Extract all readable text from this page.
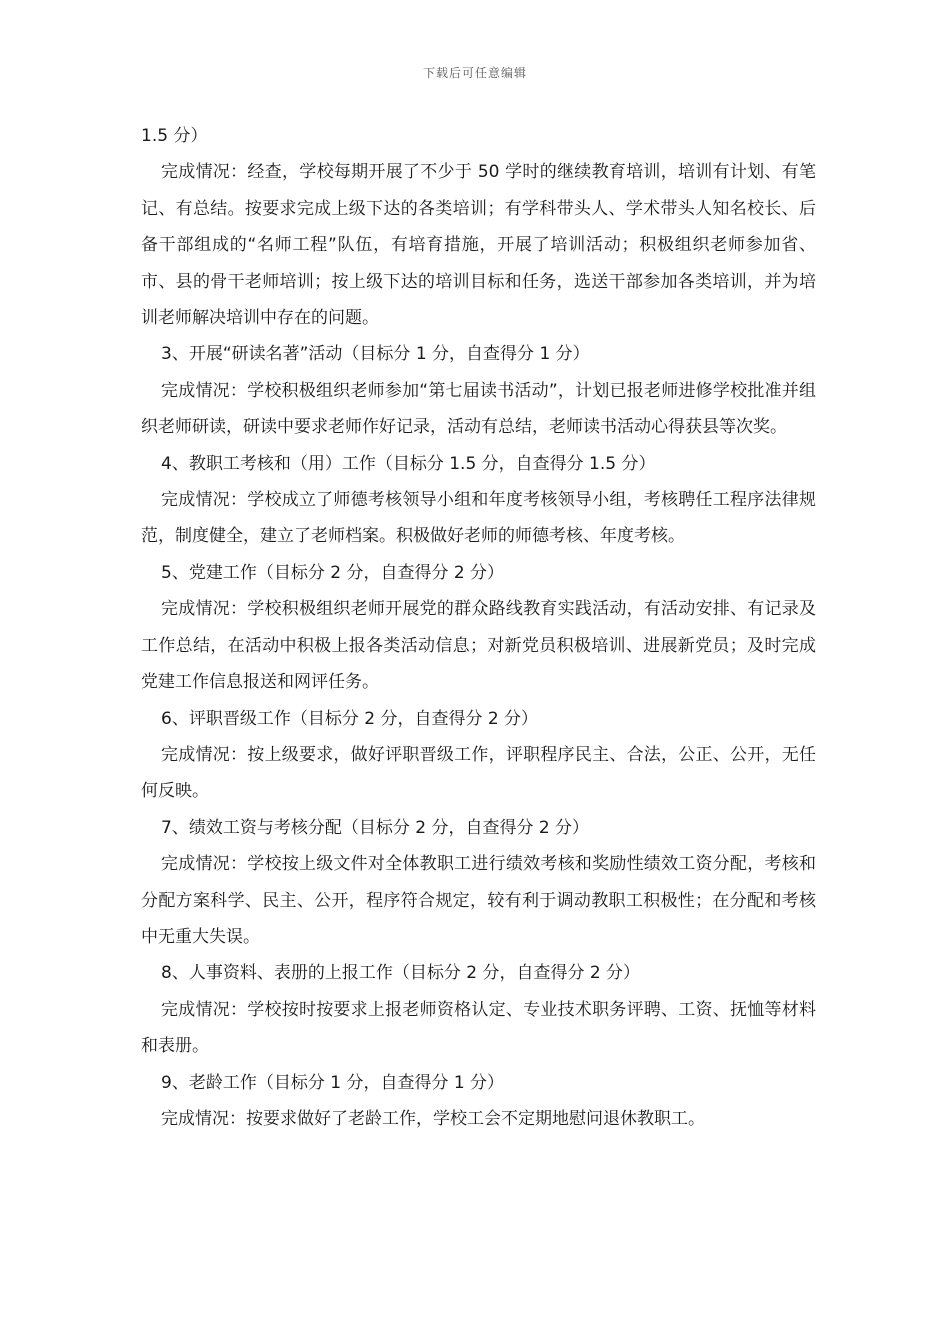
下载后可任意编辑

1.5 分）

完成情况：经查，学校每期开展了不少于 50 学时的继续教育培训，培训有计划、有笔记、有总结。按要求完成上级下达的各类培训；有学科带头人、学术带头人知名校长、后备干部组成的“名师工程”队伍，有培育措施，开展了培训活动；积极组织老师参加省、市、县的骨干老师培训；按上级下达的培训目标和任务，选送干部参加各类培训，并为培训老师解决培训中存在的问题。

3、开展“研读名著”活动（目标分 1 分，自查得分 1 分）

完成情况：学校积极组织老师参加“第七届读书活动”，计划已报老师进修学校批准并组织老师研读，研读中要求老师作好记录，活动有总结，老师读书活动心得获县等次奖。

4、教职工考核和（用）工作（目标分 1.5 分，自查得分 1.5 分）

完成情况：学校成立了师德考核领导小组和年度考核领导小组，考核聘任工程序法律规范，制度健全，建立了老师档案。积极做好老师的师德考核、年度考核。

5、党建工作（目标分 2 分，自查得分 2 分）

完成情况：学校积极组织老师开展党的群众路线教育实践活动，有活动安排、有记录及工作总结，在活动中积极上报各类活动信息；对新党员积极培训、进展新党员；及时完成党建工作信息报送和网评任务。

6、评职晋级工作（目标分 2 分，自查得分 2 分）

完成情况：按上级要求，做好评职晋级工作，评职程序民主、合法，公正、公开，无任何反映。

7、绩效工资与考核分配（目标分 2 分，自查得分 2 分）

完成情况：学校按上级文件对全体教职工进行绩效考核和奖励性绩效工资分配，考核和分配方案科学、民主、公开，程序符合规定，较有利于调动教职工积极性；在分配和考核中无重大失误。

8、人事资料、表册的上报工作（目标分 2 分，自查得分 2 分）

完成情况：学校按时按要求上报老师资格认定、专业技术职务评聘、工资、抚恤等材料和表册。

9、老龄工作（目标分 1 分，自查得分 1 分）

完成情况：按要求做好了老龄工作，学校工会不定期地慰问退休教职工。
